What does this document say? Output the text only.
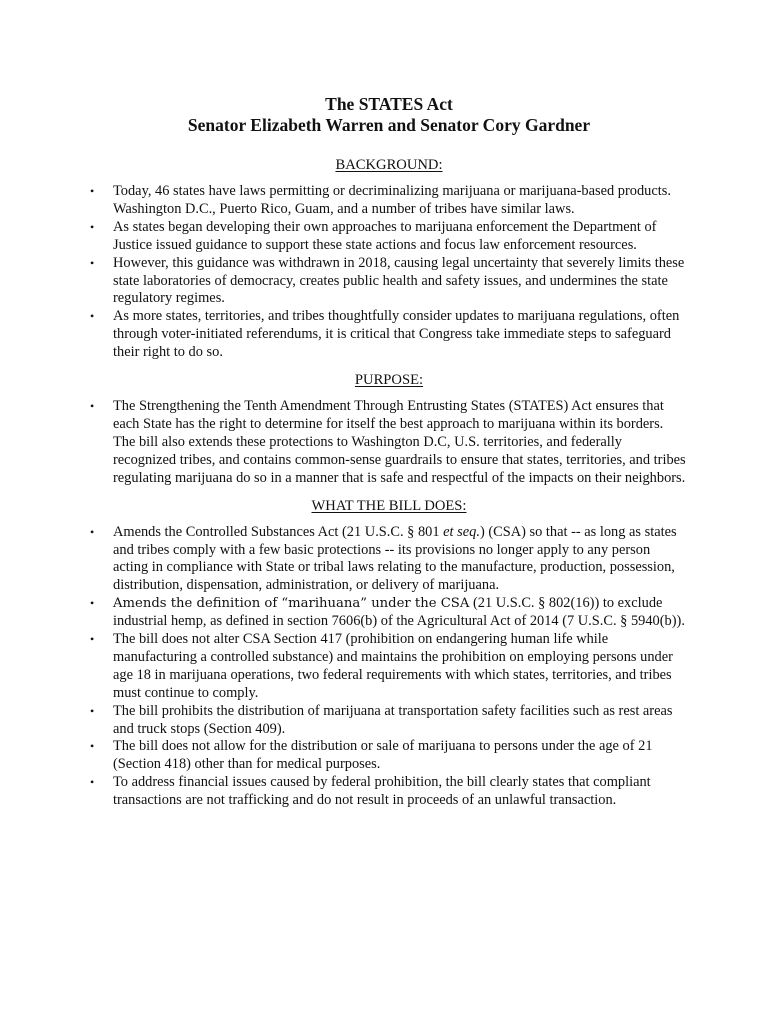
The STATES Act
Senator Elizabeth Warren and Senator Cory Gardner
BACKGROUND:
•	Today, 46 states have laws permitting or decriminalizing marijuana or marijuana-based products. Washington D.C., Puerto Rico, Guam, and a number of tribes have similar laws.
•	As states began developing their own approaches to marijuana enforcement the Department of Justice issued guidance to support these state actions and focus law enforcement resources.
•	However, this guidance was withdrawn in 2018, causing legal uncertainty that severely limits these state laboratories of democracy, creates public health and safety issues, and undermines the state regulatory regimes.
•	As more states, territories, and tribes thoughtfully consider updates to marijuana regulations, often through voter-initiated referendums, it is critical that Congress take immediate steps to safeguard their right to do so.
PURPOSE:
•	The Strengthening the Tenth Amendment Through Entrusting States (STATES) Act ensures that each State has the right to determine for itself the best approach to marijuana within its borders. The bill also extends these protections to Washington D.C, U.S. territories, and federally recognized tribes, and contains common-sense guardrails to ensure that states, territories, and tribes regulating marijuana do so in a manner that is safe and respectful of the impacts on their neighbors.
WHAT THE BILL DOES:
•	Amends the Controlled Substances Act (21 U.S.C. § 801 et seq.) (CSA) so that -- as long as states and tribes comply with a few basic protections -- its provisions no longer apply to any person acting in compliance with State or tribal laws relating to the manufacture, production, possession, distribution, dispensation, administration, or delivery of marijuana.
•	Amends the definition of “marihuana” under the CSA (21 U.S.C. § 802(16)) to exclude industrial hemp, as defined in section 7606(b) of the Agricultural Act of 2014 (7 U.S.C. § 5940(b)).
•	The bill does not alter CSA Section 417 (prohibition on endangering human life while manufacturing a controlled substance) and maintains the prohibition on employing persons under age 18 in marijuana operations, two federal requirements with which states, territories, and tribes must continue to comply.
•	The bill prohibits the distribution of marijuana at transportation safety facilities such as rest areas and truck stops (Section 409).
•	The bill does not allow for the distribution or sale of marijuana to persons under the age of 21 (Section 418) other than for medical purposes.
•	To address financial issues caused by federal prohibition, the bill clearly states that compliant transactions are not trafficking and do not result in proceeds of an unlawful transaction.
